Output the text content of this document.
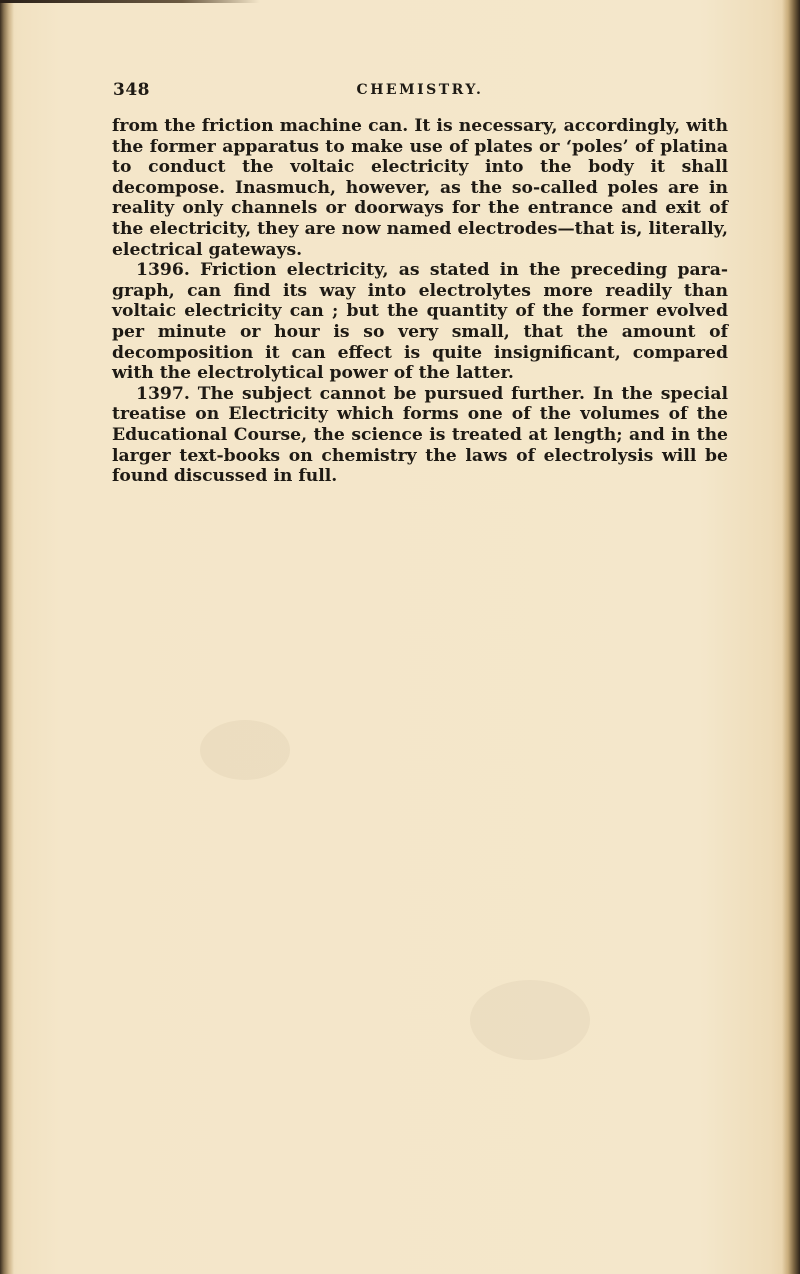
348	CHEMISTRY.

from the friction machine can. It is necessary, accordingly, with the former apparatus to make use of plates or ‘poles’ of platina to conduct the voltaic electricity into the body it shall decompose. Inasmuch, however, as the so-called poles are in reality only channels or doorways for the entrance and exit of the electricity, they are now named electrodes—that is, literally, electrical gateways.

1396. Friction electricity, as stated in the preceding para-graph, can find its way into electrolytes more readily than voltaic electricity can ; but the quantity of the former evolved per minute or hour is so very small, that the amount of decomposition it can effect is quite insignificant, compared with the electrolytical power of the latter.

1397. The subject cannot be pursued further. In the special treatise on Electricity which forms one of the volumes of the Educational Course, the science is treated at length; and in the larger text-books on chemistry the laws of electrolysis will be found discussed in full.
